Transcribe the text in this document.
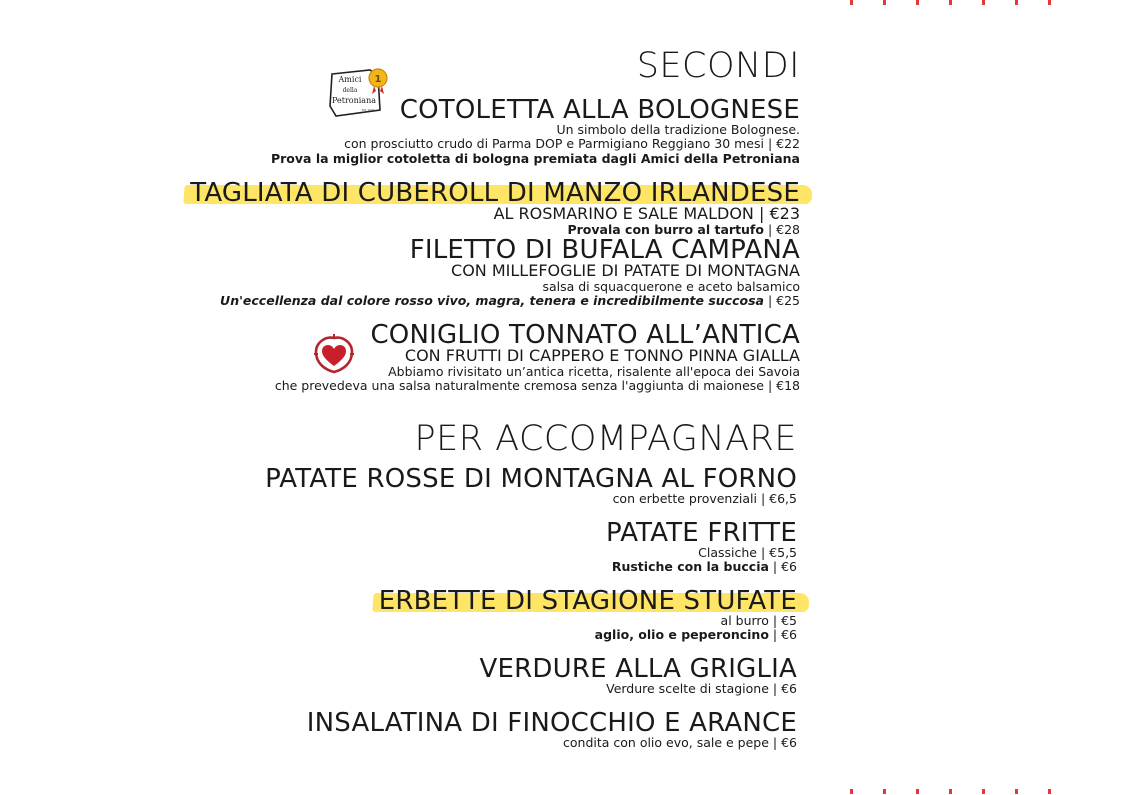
Amici
della
Petroniana
EST. 2005
1	SECONDI

COTOLETTA ALLA BOLOGNESE

Un simbolo della tradizione Bolognese.

con prosciutto crudo di Parma DOP e Parmigiano Reggiano 30 mesi | €22

Prova la miglior cotoletta di bologna premiata dagli Amici della Petroniana

TAGLIATA DI CUBEROLL DI MANZO IRLANDESE

AL ROSMARINO E SALE MALDON | €23

Provala con burro al tartufo | €28

FILETTO DI BUFALA CAMPANA

CON MILLEFOGLIE DI PATATE DI MONTAGNA

salsa di squacquerone e aceto balsamico

Un'eccellenza dal colore rosso vivo, magra, tenera e incredibilmente succosa | €25

CONIGLIO TONNATO ALL’ANTICA

CON FRUTTI DI CAPPERO E TONNO PINNA GIALLA

Abbiamo rivisitato un’antica ricetta, risalente all'epoca dei Savoia

che prevedeva una salsa naturalmente cremosa senza l'aggiunta di maionese | €18

PER ACCOMPAGNARE

PATATE ROSSE DI MONTAGNA AL FORNO

con erbette provenziali | €6,5

PATATE FRITTE

Classiche | €5,5

Rustiche con la buccia | €6

ERBETTE DI STAGIONE STUFATE

al burro | €5

aglio, olio e peperoncino | €6

VERDURE ALLA GRIGLIA

Verdure scelte di stagione | €6

INSALATINA DI FINOCCHIO E ARANCE

condita con olio evo, sale e pepe | €6
